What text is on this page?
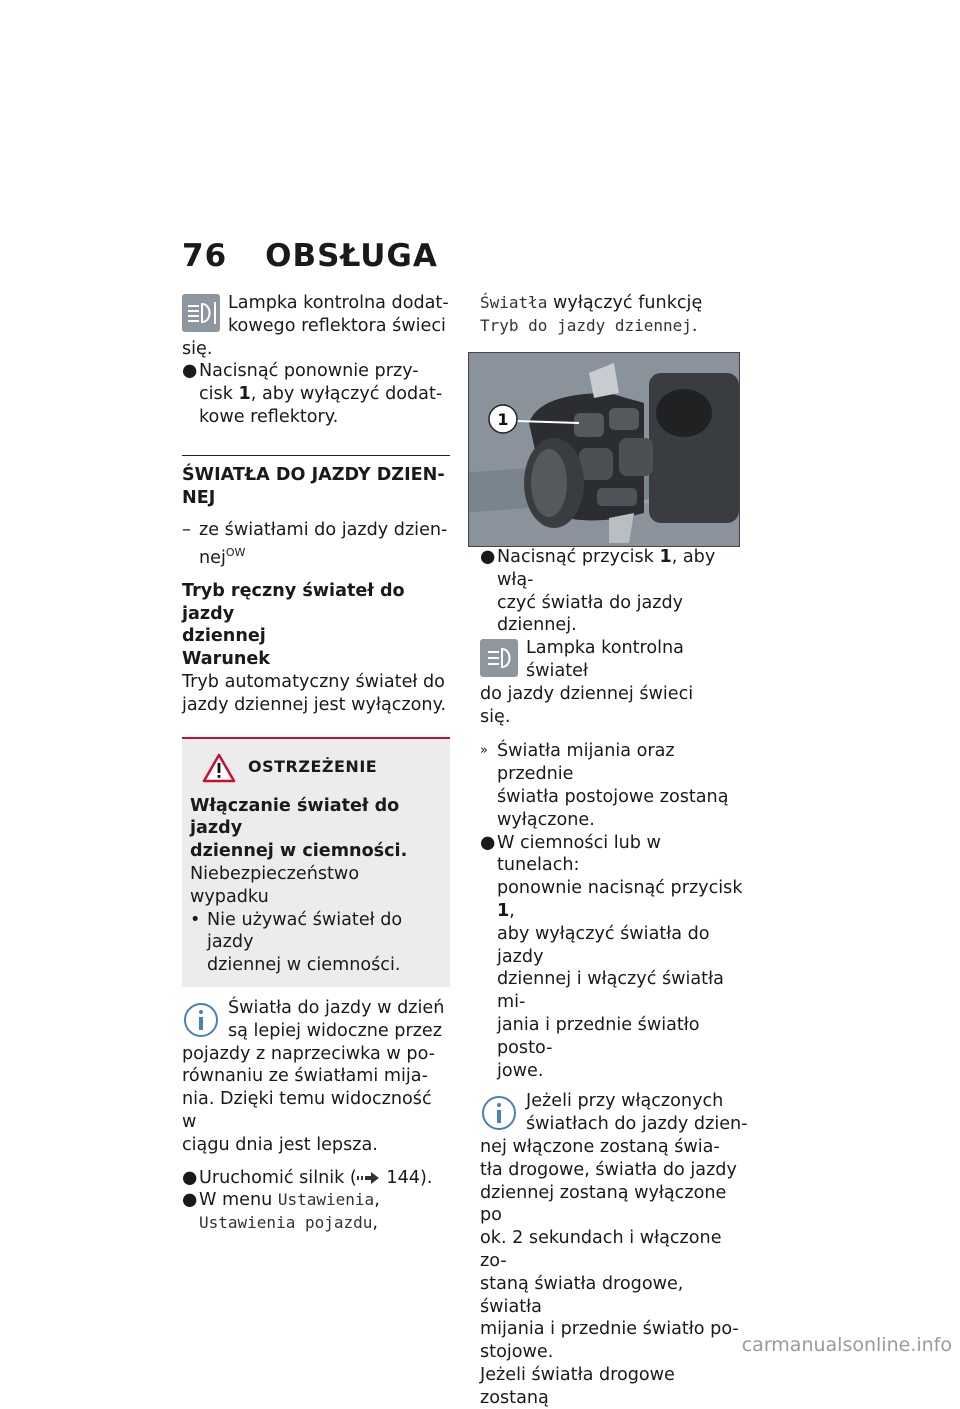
76 OBSŁUGA

Lampka kontrolna dodat-

kowego reflektora świeci

się.

● Nacisnąć ponownie przy-

cisk 1, aby wyłączyć dodat-

kowe reflektory.

ŚWIATŁA DO JAZDY DZIEN-

NEJ

– ze światłami do jazdy dzien-

nej$^{OW}$

Tryb ręczny świateł do jazdy

dziennej

Warunek

Tryb automatyczny świateł do

jazdy dziennej jest wyłączony.

OSTRZEŻENIE

Włączanie świateł do jazdy

dziennej w ciemności.

Niebezpieczeństwo wypadku

• Nie używać świateł do jazdy

dziennej w ciemności.

Światła do jazdy w dzień

są lepiej widoczne przez

pojazdy z naprzeciwka w po-

równaniu ze światłami mija-

nia. Dzięki temu widoczność w

ciągu dnia jest lepsza.

● Uruchomić silnik ( 144).

● W menu Ustawienia,

Ustawienia pojazdu,

Światła wyłączyć funkcję

Tryb do jazdy dziennej.

1
● Nacisnąć przycisk 1, aby włą-

czyć światła do jazdy dziennej.

Lampka kontrolna świateł

do jazdy dziennej świeci

się.

» Światła mijania oraz przednie

światła postojowe zostaną

wyłączone.

● W ciemności lub w tunelach:

ponownie nacisnąć przycisk 1,

aby wyłączyć światła do jazdy

dziennej i włączyć światła mi-

jania i przednie światło posto-

jowe.

Jeżeli przy włączonych

światłach do jazdy dzien-

nej włączone zostaną świa-

tła drogowe, światła do jazdy

dziennej zostaną wyłączone po

ok. 2 sekundach i włączone zo-

staną światła drogowe, światła

mijania i przednie światło po-

stojowe.

Jeżeli światła drogowe zostaną

carmanualsonline.info
